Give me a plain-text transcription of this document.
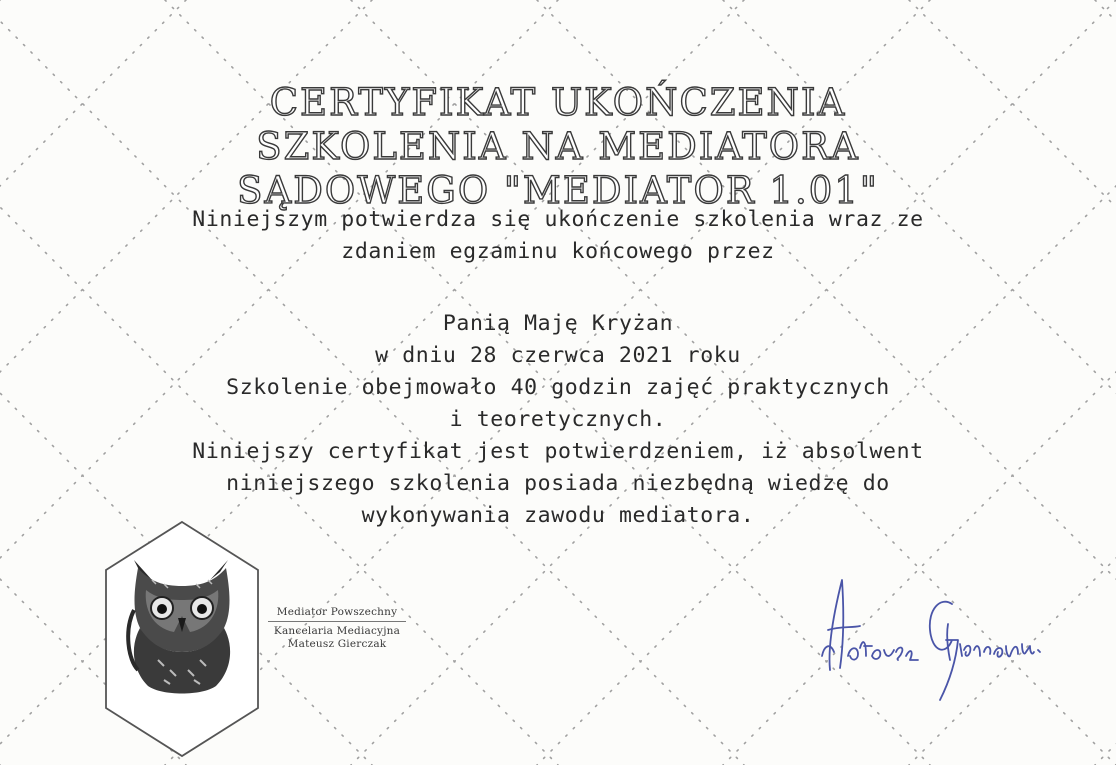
CERTYFIKAT UKOŃCZENIA
SZKOLENIA NA MEDIATORA
SĄDOWEGO "MEDIATOR 1.01"
Niniejszym potwierdza się ukończenie szkolenia wraz ze
zdaniem egzaminu końcowego przez
Panią Maję Kryżan
w dniu 28 czerwca 2021 roku
Szkolenie obejmowało 40 godzin zajęć praktycznych
i teoretycznych.
Niniejszy certyfikat jest potwierdzeniem, iż absolwent
niniejszego szkolenia posiada niezbędną wiedzę do
wykonywania zawodu mediatora.
Mediator Powszechny
Kancelaria Mediacyjna
Mateusz Gierczak
